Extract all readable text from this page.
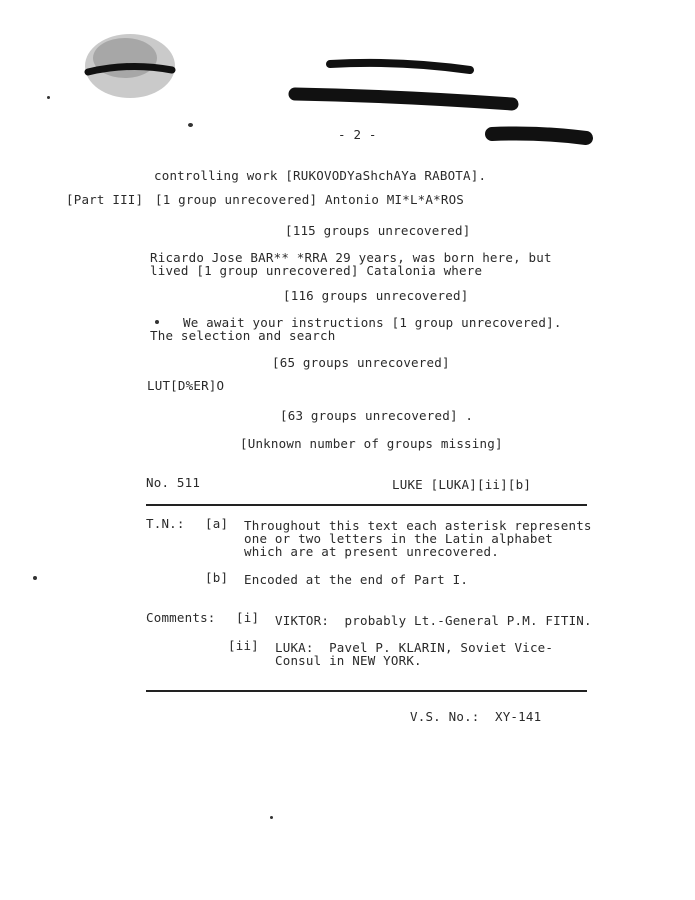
- 2 -
controlling work [RUKOVODYaShchAYa RABOTA].
[Part III] [1 group unrecovered] Antonio MI*L*A*ROS
[115 groups unrecovered]
Ricardo Jose BAR** *RRA 29 years, was born here, but
lived [1 group unrecovered] Catalonia where
[116 groups unrecovered]
We await your instructions [1 group unrecovered].
The selection and search
[65 groups unrecovered]
LUT[D%ER]O
[63 groups unrecovered] .
[Unknown number of groups missing]
No. 511	LUKE [LUKA][ii][b]
T.N.: [a] Throughout this text each asterisk represents
one or two letters in the Latin alphabet
which are at present unrecovered.
[b] Encoded at the end of Part I.
Comments: [i] VIKTOR:  probably Lt.-General P.M. FITIN.
[ii] LUKA:  Pavel P. KLARIN, Soviet Vice-
Consul in NEW YORK.
V.S. No.:  XY-141
